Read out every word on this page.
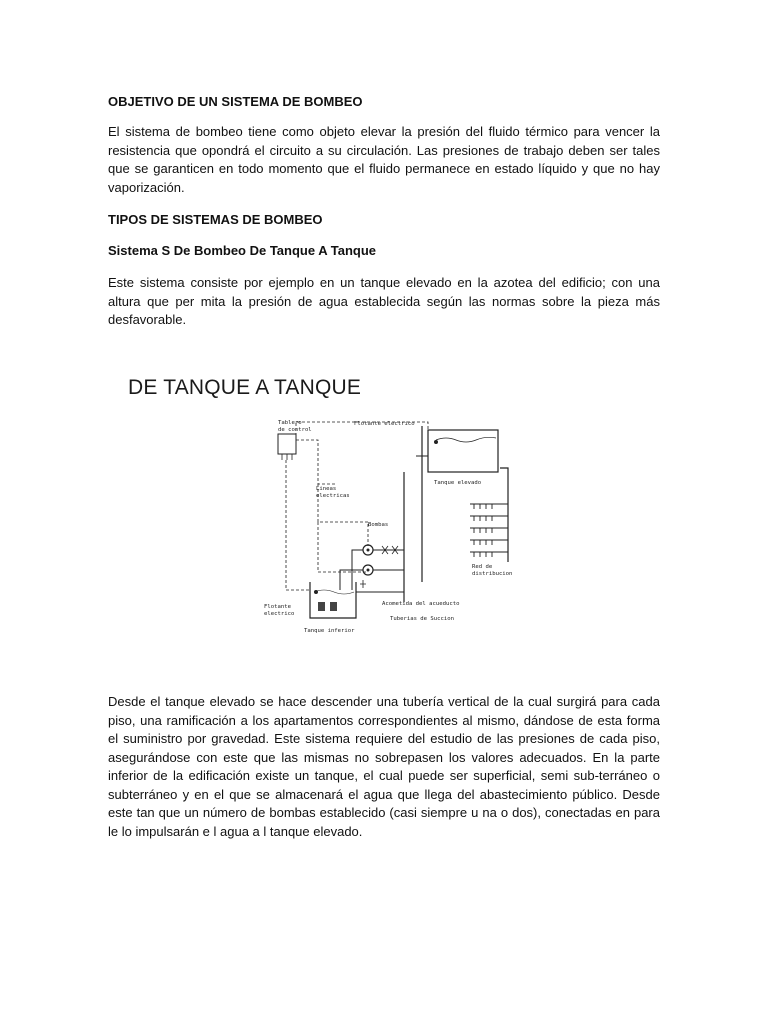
OBJETIVO DE UN SISTEMA DE BOMBEO
El sistema de bombeo tiene como objeto elevar la presión del fluido térmico para vencer la resistencia que opondrá el circuito a su circulación. Las presiones de trabajo deben ser tales que se garanticen en todo momento que el fluido permanece en estado líquido y que no hay vaporización.
TIPOS DE SISTEMAS DE BOMBEO
Sistema S De Bombeo De Tanque A Tanque
Este sistema consiste por ejemplo en un tanque elevado en la azotea del edificio; con una altura que per mita la presión de agua establecida según las normas sobre la pieza más desfavorable.
DE TANQUE A TANQUE
Tablero
de control
Flotante electrico
Tanque elevado
Lineas
electricas
Bombas
Red de
distribucion
Flotante
electrico
Acometida del acueducto
Tuberias de Succion
Tanque inferior
Desde el tanque elevado se hace descender una tubería vertical de la cual surgirá para cada piso, una ramificación a los apartamentos correspondientes al mismo, dándose de esta forma el suministro por gravedad. Este sistema requiere del estudio de las presiones de cada piso, asegurándose con este que las mismas no sobrepasen los valores adecuados. En la parte inferior de la edificación existe un tanque, el cual puede ser superficial, semi sub-terráneo o subterráneo y en el que se almacenará el agua que llega del abastecimiento público. Desde este tan que un número de bombas establecido (casi siempre u na o dos), conectadas en para le lo impulsarán e l agua a l tanque elevado.
